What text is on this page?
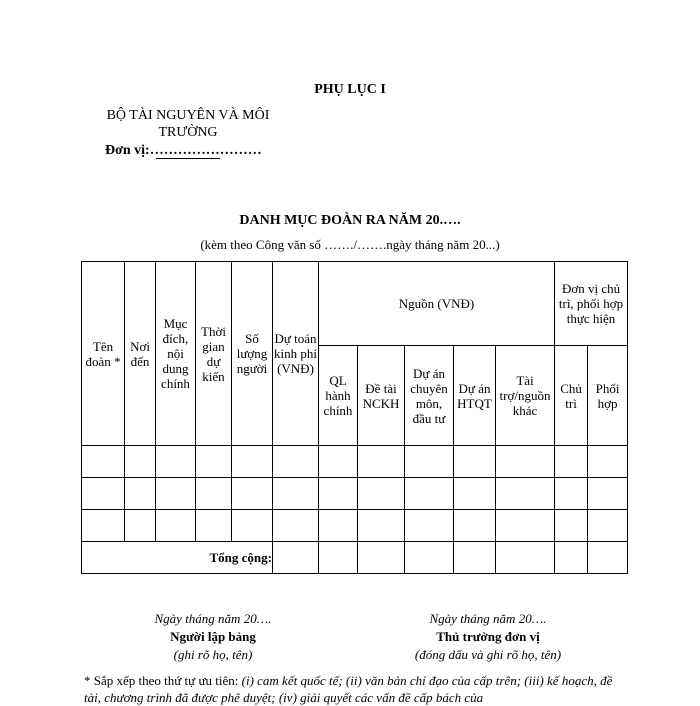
PHỤ LỤC I
BỘ TÀI NGUYÊN VÀ MÔI
TRƯỜNG
Đơn vị:……………………
DANH MỤC ĐOÀN RA NĂM 20.….
(kèm theo Công văn số ……./…….ngày tháng năm 20...)
Tên đoàn *	Nơi đến	Mục đích, nội dung chính	Thời gian dự kiến	Số lượng người	Dự toán kinh phí (VNĐ)	Nguồn (VNĐ)					Đơn vị chủ trì, phối hợp thực hiện	
						QL hành chính	Đề tài NCKH	Dự án chuyên môn, đầu tư	Dự án HTQT	Tài trợ/nguồn khác	Chủ trì	Phối hợp

Tổng cộng:												
Ngày tháng năm 20….
Người lập bảng
(ghi rõ họ, tên)
Ngày tháng năm 20….
Thủ trưởng đơn vị
(đóng dấu và ghi rõ họ, tên)
* Sắp xếp theo thứ tự ưu tiên: (i) cam kết quốc tế; (ii) văn bản chỉ đạo của cấp trên; (iii) kế hoạch, đề tài, chương trình đã được phê duyệt; (iv) giải quyết các vấn đề cấp bách của
